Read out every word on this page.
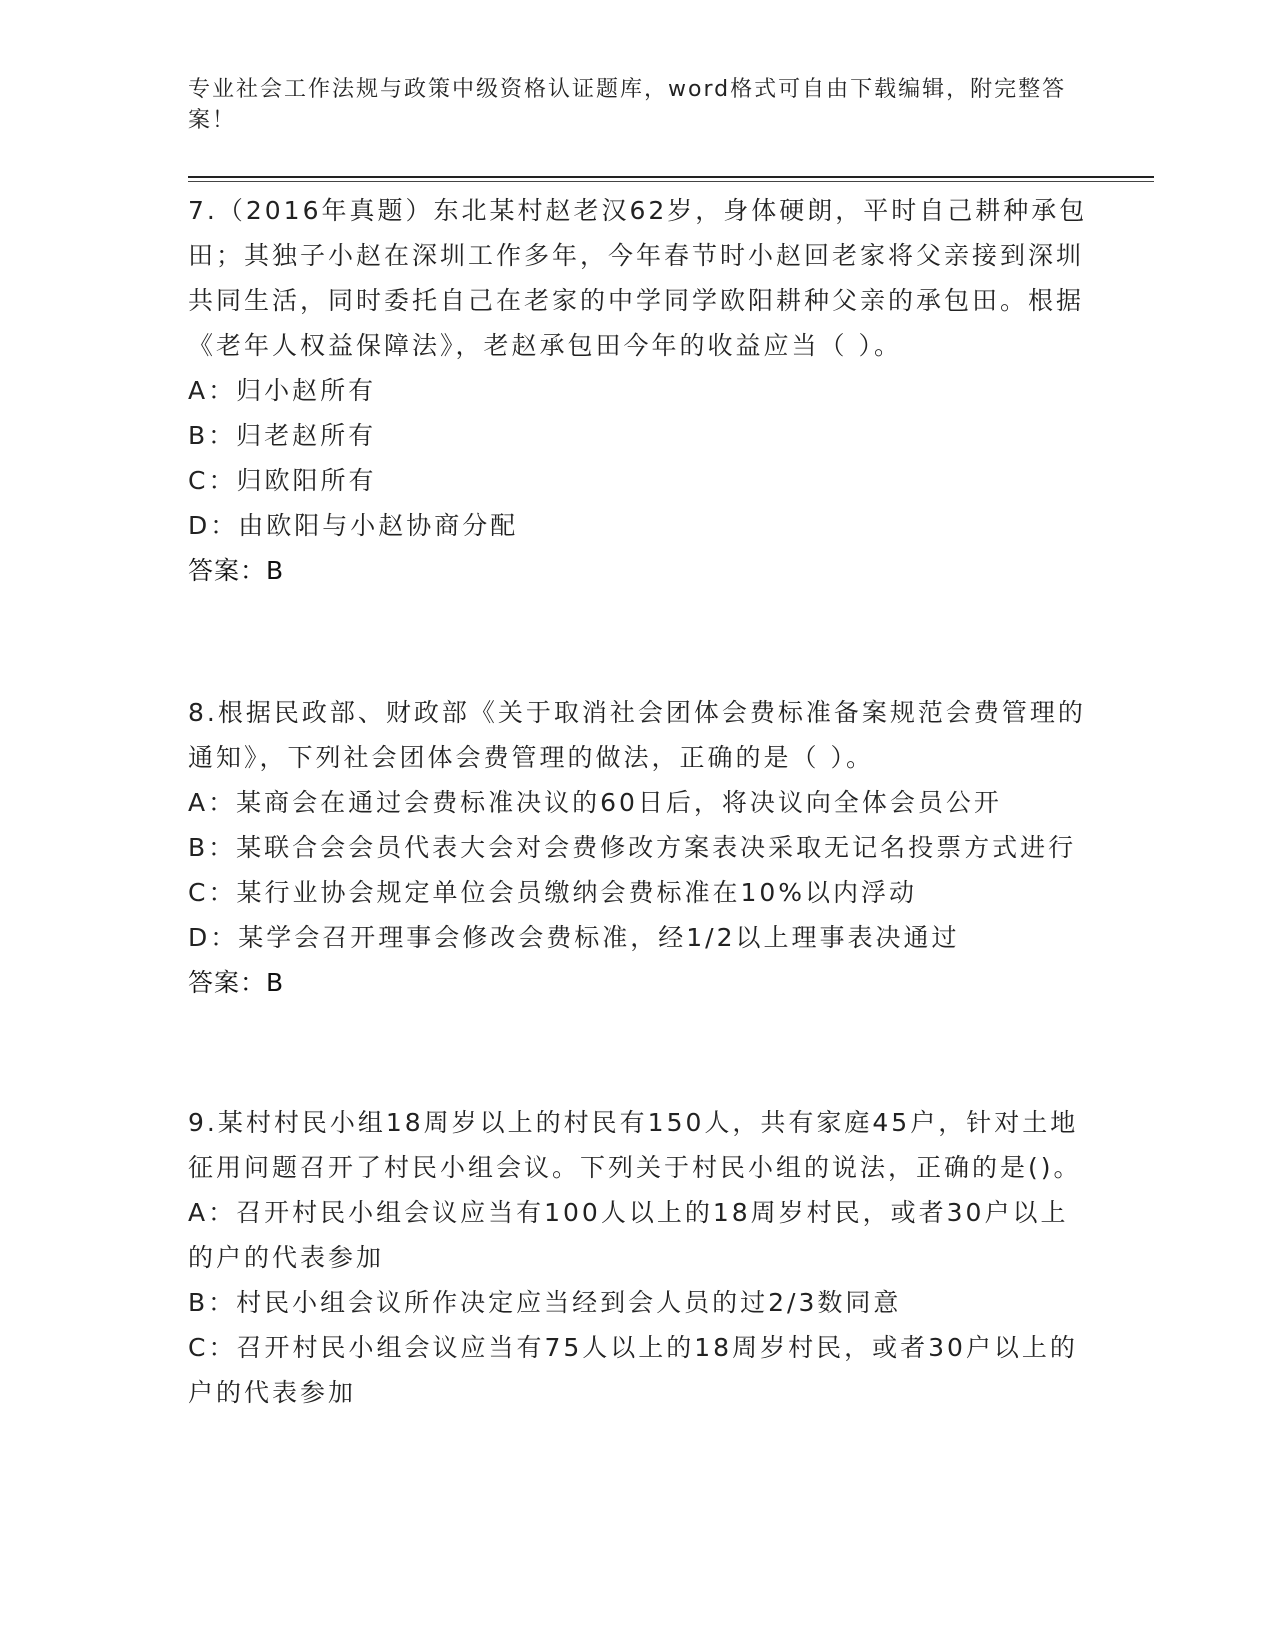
专业社会工作法规与政策中级资格认证题库，word格式可自由下载编辑，附完整答案！

7.（2016年真题）东北某村赵老汉62岁，身体硬朗，平时自己耕种承包田；其独子小赵在深圳工作多年，今年春节时小赵回老家将父亲接到深圳共同生活，同时委托自己在老家的中学同学欧阳耕种父亲的承包田。根据《老年人权益保障法》，老赵承包田今年的收益应当（ ）。

A：归小赵所有

B：归老赵所有

C：归欧阳所有

D：由欧阳与小赵协商分配

答案：B

8.根据民政部、财政部《关于取消社会团体会费标准备案规范会费管理的通知》，下列社会团体会费管理的做法，正确的是（ ）。

A：某商会在通过会费标准决议的60日后，将决议向全体会员公开

B：某联合会会员代表大会对会费修改方案表决采取无记名投票方式进行

C：某行业协会规定单位会员缴纳会费标准在10%以内浮动

D：某学会召开理事会修改会费标准，经1/2以上理事表决通过

答案：B

9.某村村民小组18周岁以上的村民有150人，共有家庭45户，针对土地征用问题召开了村民小组会议。下列关于村民小组的说法，正确的是()。

A：召开村民小组会议应当有100人以上的18周岁村民，或者30户以上的户的代表参加

B：村民小组会议所作决定应当经到会人员的过2/3数同意

C：召开村民小组会议应当有75人以上的18周岁村民，或者30户以上的户的代表参加
